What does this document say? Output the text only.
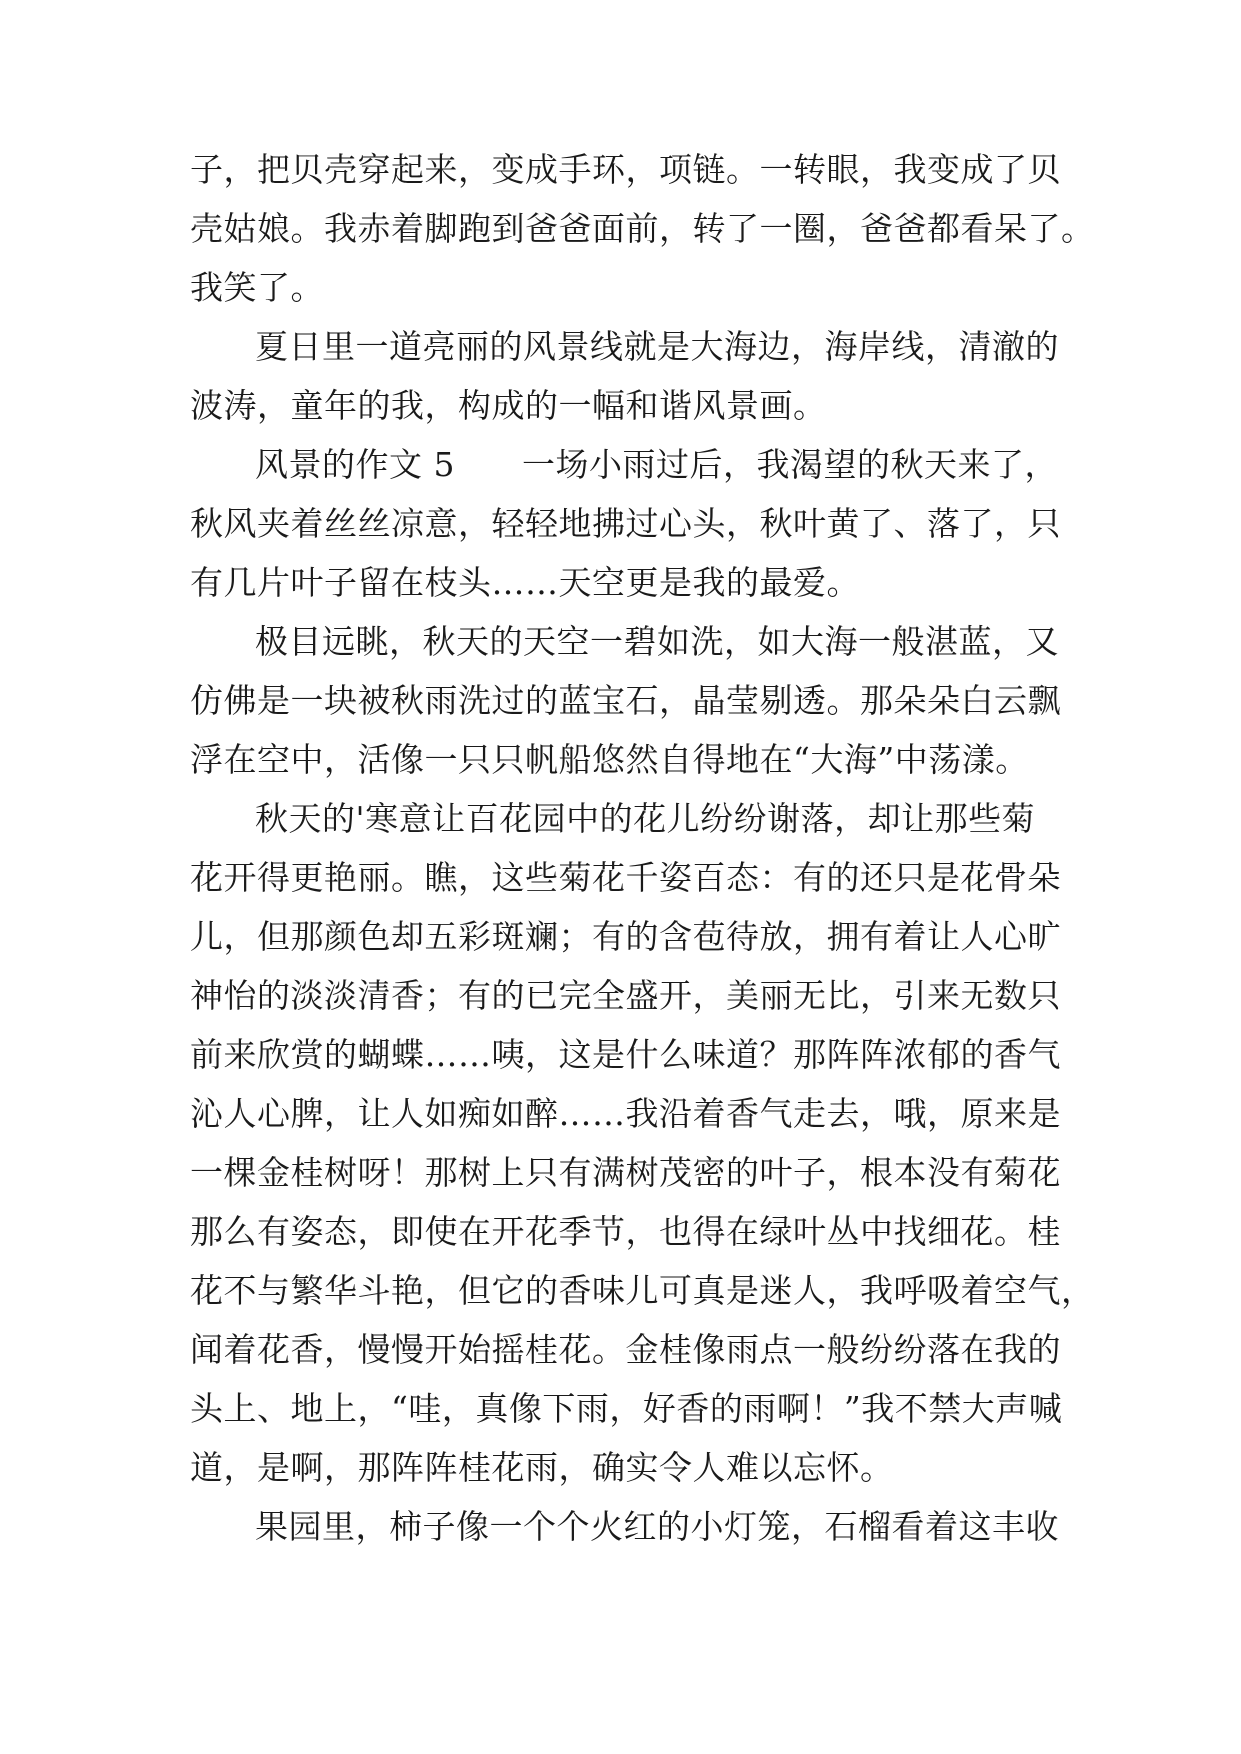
子，把贝壳穿起来，变成手环，项链。一转眼，我变成了贝
壳姑娘。我赤着脚跑到爸爸面前，转了一圈，爸爸都看呆了。
我笑了。
夏日里一道亮丽的风景线就是大海边，海岸线，清澈的
波涛，童年的我，构成的一幅和谐风景画。
风景的作文 5　　一场小雨过后，我渴望的秋天来了，
秋风夹着丝丝凉意，轻轻地拂过心头，秋叶黄了、落了，只
有几片叶子留在枝头……天空更是我的最爱。
极目远眺，秋天的天空一碧如洗，如大海一般湛蓝，又
仿佛是一块被秋雨洗过的蓝宝石，晶莹剔透。那朵朵白云飘
浮在空中，活像一只只帆船悠然自得地在“大海”中荡漾。
秋天的'寒意让百花园中的花儿纷纷谢落，却让那些菊
花开得更艳丽。瞧，这些菊花千姿百态：有的还只是花骨朵
儿，但那颜色却五彩斑斓；有的含苞待放，拥有着让人心旷
神怡的淡淡清香；有的已完全盛开，美丽无比，引来无数只
前来欣赏的蝴蝶……咦，这是什么味道？那阵阵浓郁的香气
沁人心脾，让人如痴如醉……我沿着香气走去，哦，原来是
一棵金桂树呀！那树上只有满树茂密的叶子，根本没有菊花
那么有姿态，即使在开花季节，也得在绿叶丛中找细花。桂
花不与繁华斗艳，但它的香味儿可真是迷人，我呼吸着空气，
闻着花香，慢慢开始摇桂花。金桂像雨点一般纷纷落在我的
头上、地上，“哇，真像下雨，好香的雨啊！”我不禁大声喊
道，是啊，那阵阵桂花雨，确实令人难以忘怀。
果园里，柿子像一个个火红的小灯笼，石榴看着这丰收
